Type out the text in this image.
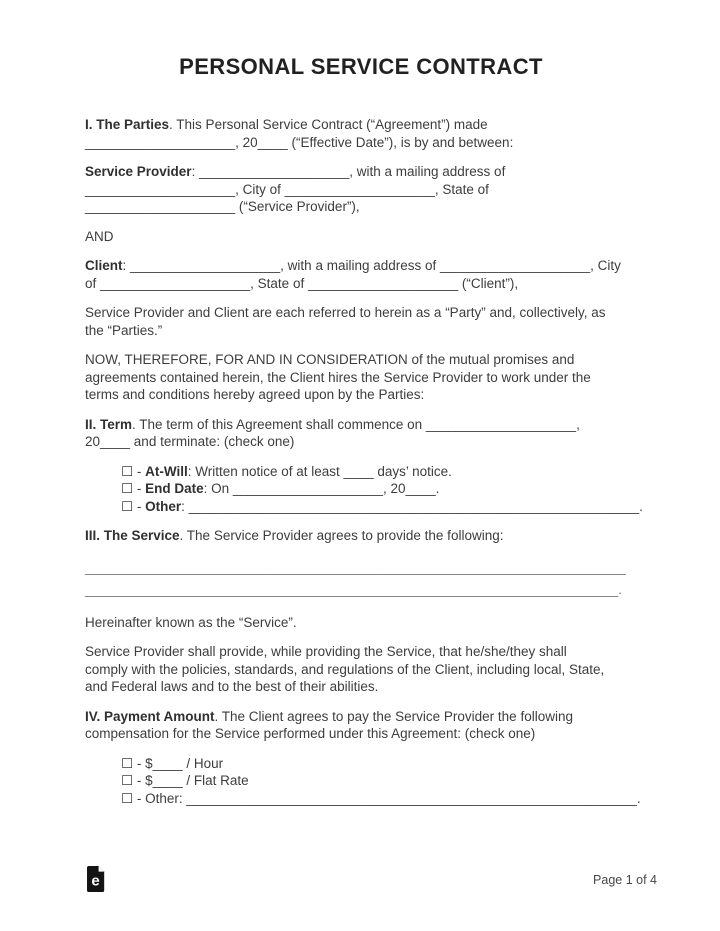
PERSONAL SERVICE CONTRACT
I. The Parties. This Personal Service Contract (“Agreement”) made
____________________, 20____ (“Effective Date”), is by and between:
Service Provider: ____________________, with a mailing address of
____________________, City of ____________________, State of
____________________ (“Service Provider”),
AND
Client: ____________________, with a mailing address of ____________________, City
of ____________________, State of ____________________ (“Client”),
Service Provider and Client are each referred to herein as a “Party” and, collectively, as
the “Parties.”
NOW, THEREFORE, FOR AND IN CONSIDERATION of the mutual promises and
agreements contained herein, the Client hires the Service Provider to work under the
terms and conditions hereby agreed upon by the Parties:
II. Term. The term of this Agreement shall commence on ____________________,
20____ and terminate: (check one)
☐ - At-Will: Written notice of at least ____ days’ notice.
☐ - End Date: On ____________________, 20____.
☐ - Other: ____________________________________________________________.
III. The Service. The Service Provider agrees to provide the following:
________________________________________________________________________
_______________________________________________________________________.
Hereinafter known as the “Service”.
Service Provider shall provide, while providing the Service, that he/she/they shall
comply with the policies, standards, and regulations of the Client, including local, State,
and Federal laws and to the best of their abilities.
IV. Payment Amount. The Client agrees to pay the Service Provider the following
compensation for the Service performed under this Agreement: (check one)
☐ - $____ / Hour
☐ - $____ / Flat Rate
☐ - Other: ____________________________________________________________.
e	Page 1 of 4
